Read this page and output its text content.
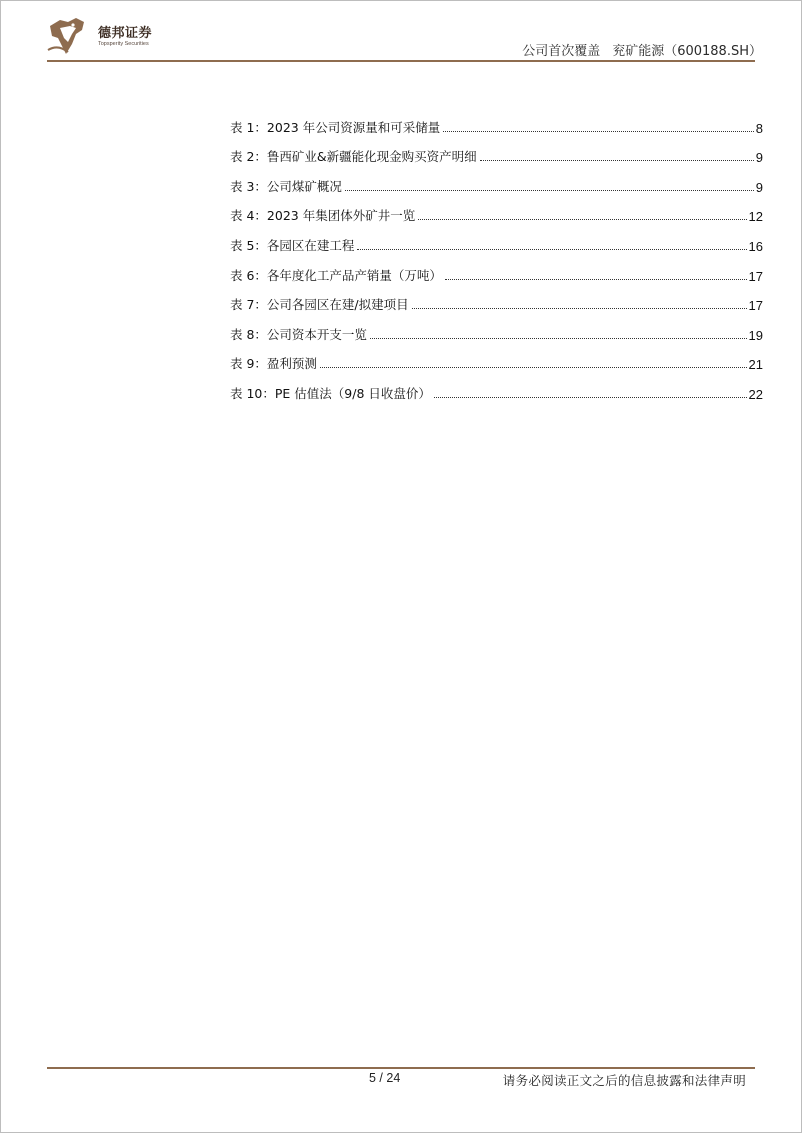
德邦证券
Topsperity Securities	公司首次覆盖 兖矿能源（600188.SH）
表 1：2023 年公司资源量和可采储量	8
表 2：鲁西矿业&新疆能化现金购买资产明细	9
表 3：公司煤矿概况	9
表 4：2023 年集团体外矿井一览	12
表 5：各园区在建工程	16
表 6：各年度化工产品产销量（万吨）	17
表 7：公司各园区在建/拟建项目	17
表 8：公司资本开支一览	19
表 9：盈利预测	21
表 10：PE 估值法（9/8 日收盘价）	22
5 / 24	请务必阅读正文之后的信息披露和法律声明
